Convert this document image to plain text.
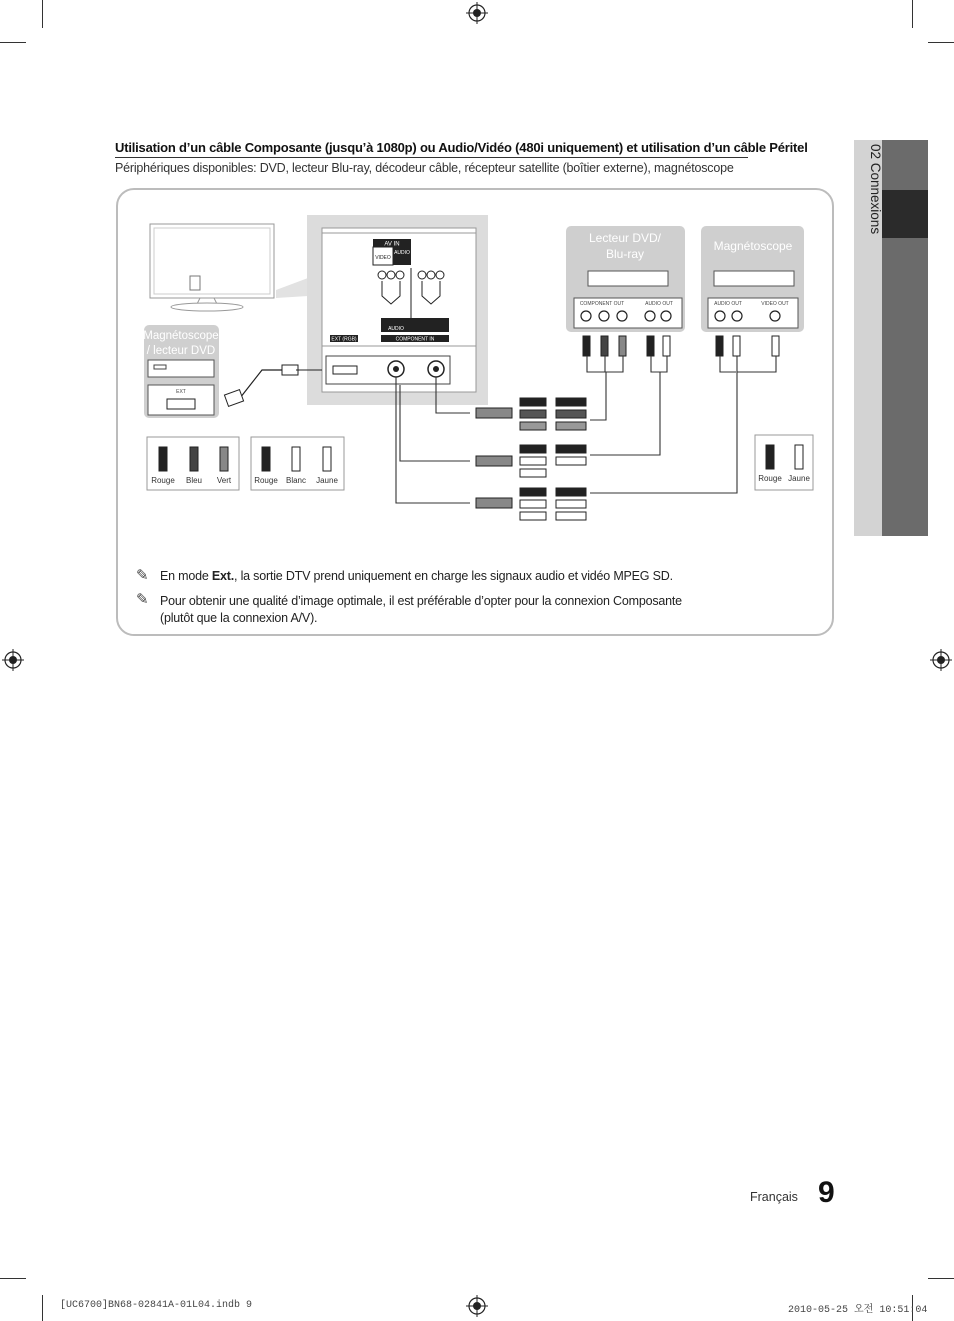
02 Connexions
Utilisation d’un câble Composante (jusqu’à 1080p) ou Audio/Vidéo (480i uniquement) et utilisation d’un câble Péritel
Périphériques disponibles: DVD, lecteur Blu-ray, décodeur câble, récepteur satellite (boîtier externe), magnétoscope
AV IN
VIDEO
AUDIO
AUDIO
EXT (RGB)	COMPONENT IN
Magnétoscope
/ lecteur DVD
EXT
Lecteur DVD/
Blu-ray
COMPONENT OUT	AUDIO OUT
Magnétoscope
AUDIO OUT	VIDEO OUT
Rouge Bleu Vert	Rouge Blanc Jaune	Rouge Jaune
✎ En mode Ext., la sortie DTV prend uniquement en charge les signaux audio et vidéo MPEG SD.
✎ Pour obtenir une qualité d’image optimale, il est préférable d’opter pour la connexion Composante
(plutôt que la connexion A/V).
Français 9
[UC6700]BN68-02841A-01L04.indb 9	2010-05-25 오전 10:51:04
